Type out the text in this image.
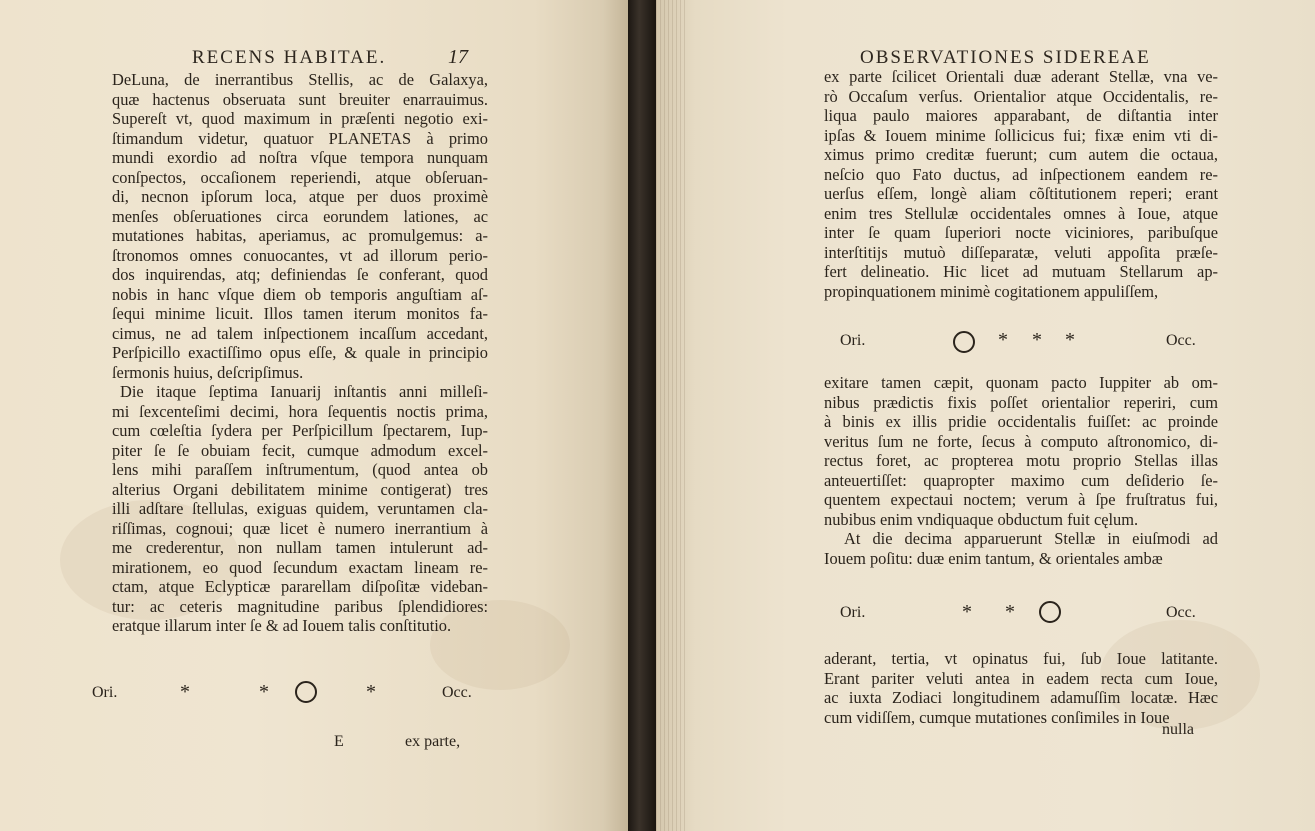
RECENS HABITAE.	17
DeLuna, de inerrantibus Stellis, ac de Galaxya,
quæ hactenus obseruata sunt breuiter enarrauimus.
Supereſt vt, quod maximum in præſenti negotio exi-
ſtimandum videtur, quatuor PLANETAS à primo
mundi exordio ad noſtra vſque tempora nunquam
conſpectos, occaſionem reperiendi, atque obſeruan-
di, necnon ipſorum loca, atque per duos proximè
menſes obſeruationes circa eorundem lationes, ac
mutationes habitas, aperiamus, ac promulgemus: a-
ſtronomos omnes conuocantes, vt ad illorum perio-
dos inquirendas, atq; definiendas ſe conferant, quod
nobis in hanc vſque diem ob temporis anguſtiam aſ-
ſequi minime licuit. Illos tamen iterum monitos fa-
cimus, ne ad talem inſpectionem incaſſum accedant,
Perſpicillo exactiſſimo opus eſſe, & quale in principio
ſermonis huius, deſcripſimus.
Die itaque ſeptima Ianuarij inſtantis anni milleſi-
mi ſexcenteſimi decimi, hora ſequentis noctis prima,
cum cœleſtia ſydera per Perſpicillum ſpectarem, Iup-
piter ſe ſe obuiam fecit, cumque admodum excel-
lens mihi paraſſem inſtrumentum, (quod antea ob
alterius Organi debilitatem minime contigerat) tres
illi adſtare ſtellulas, exiguas quidem, veruntamen cla-
riſſimas, cognoui; quæ licet è numero inerrantium à
me crederentur, non nullam tamen intulerunt ad-
mirationem, eo quod ſecundum exactam lineam re-
ctam, atque Eclypticæ pararellam diſpoſitæ videban-
tur: ac ceteris magnitudine paribus ſplendidiores:
eratque illarum inter ſe & ad Iouem talis conſtitutio.
Ori.	*	*	*	Occ.
E	ex parte,
OBSERVATIONES SIDEREAE
ex parte ſcilicet Orientali duæ aderant Stellæ, vna ve-
rò Occaſum verſus. Orientalior atque Occidentalis, re-
liqua paulo maiores apparabant, de diſtantia inter
ipſas & Iouem minime ſollicicus fui; fixæ enim vti di-
ximus primo creditæ fuerunt; cum autem die octaua,
neſcio quo Fato ductus, ad inſpectionem eandem re-
uerſus eſſem, longè aliam cõſtitutionem reperi; erant
enim tres Stellulæ occidentales omnes à Ioue, atque
inter ſe quam ſuperiori nocte viciniores, paribuſque
interſtitijs mutuò diſſeparatæ, veluti appoſita præſe-
fert delineatio. Hic licet ad mutuam Stellarum ap-
propinquationem minimè cogitationem appuliſſem,
Ori.	* * *	Occ.
exitare tamen cæpit, quonam pacto Iuppiter ab om-
nibus prædictis fixis poſſet orientalior reperiri, cum
à binis ex illis pridie occidentalis fuiſſet: ac proinde
veritus ſum ne forte, ſecus à computo aſtronomico, di-
rectus foret, ac propterea motu proprio Stellas illas
anteuertiſſet: quapropter maximo cum deſiderio ſe-
quentem expectaui noctem; verum à ſpe fruſtratus fui,
nubibus enim vndiquaque obductum fuit cęlum.
At die decima apparuerunt Stellæ in eiuſmodi ad
Iouem poſitu: duæ enim tantum, & orientales ambæ
Ori.	* *	Occ.
aderant, tertia, vt opinatus fui, ſub Ioue latitante.
Erant pariter veluti antea in eadem recta cum Ioue,
ac iuxta Zodiaci longitudinem adamuſſim locatæ. Hæc
cum vidiſſem, cumque mutationes conſimiles in Ioue
nulla
